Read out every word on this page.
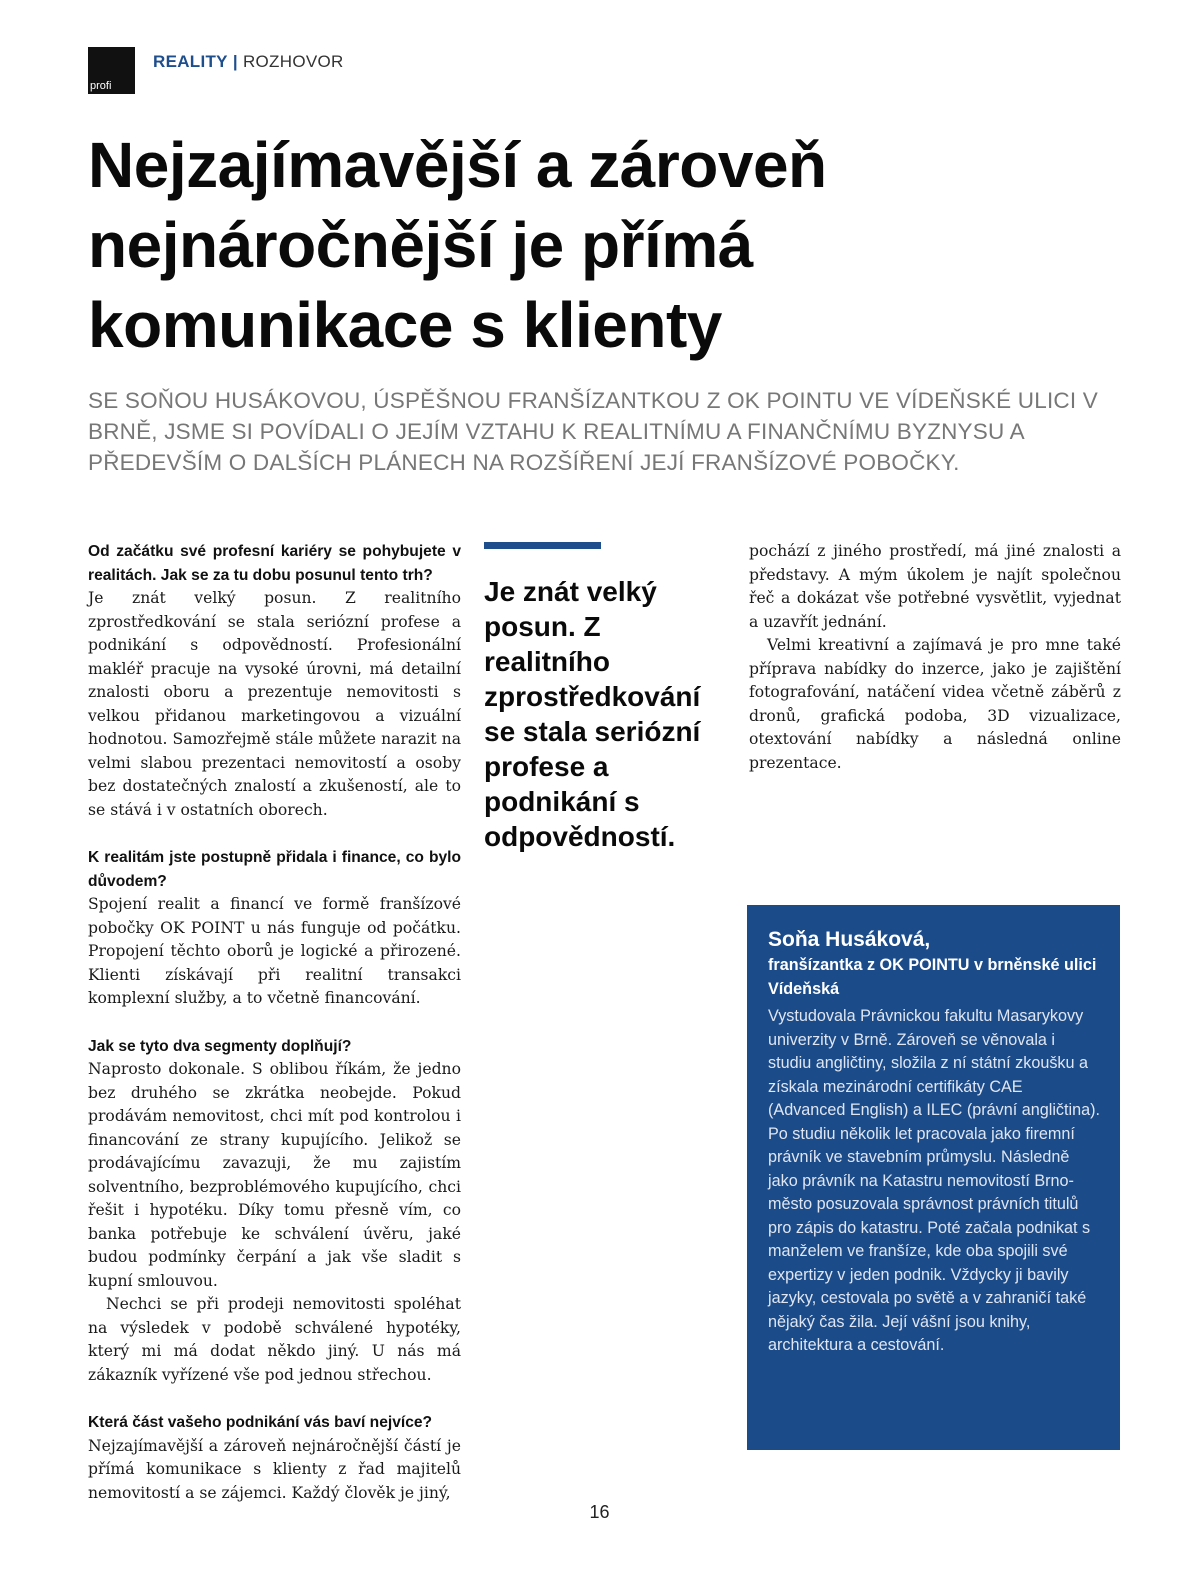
profi
REALITY | ROZHOVOR
Nejzajímavější a zároveň nejnáročnější je přímá komunikace s klienty

SE SOŇOU HUSÁKOVOU, ÚSPĚŠNOU FRANŠÍZANTKOU Z OK POINTU VE VÍDEŇSKÉ ULICI V BRNĚ, JSME SI POVÍDALI O JEJÍM VZTAHU K REALITNÍMU A FINANČNÍMU BYZNYSU A PŘEDEVŠÍM O DALŠÍCH PLÁNECH NA ROZŠÍŘENÍ JEJÍ FRANŠÍZOVÉ POBOČKY.

Od začátku své profesní kariéry se pohybujete v realitách. Jak se za tu dobu posunul tento trh?

Je znát velký posun. Z realitního zprostředkování se stala seriózní profese a podnikání s odpovědností. Profesionální makléř pracuje na vysoké úrovni, má detailní znalosti oboru a prezentuje nemovitosti s velkou přidanou marketingovou a vizuální hodnotou. Samozřejmě stále můžete narazit na velmi slabou prezentaci nemovitostí a osoby bez dostatečných znalostí a zkušeností, ale to se stává i v ostatních oborech.

K realitám jste postupně přidala i finance, co bylo důvodem?

Spojení realit a financí ve formě franšízové pobočky OK POINT u nás funguje od počátku. Propojení těchto oborů je logické a přirozené. Klienti získávají při realitní transakci komplexní služby, a to včetně financování.

Jak se tyto dva segmenty doplňují?

Naprosto dokonale. S oblibou říkám, že jedno bez druhého se zkrátka neobejde. Pokud prodávám nemovitost, chci mít pod kontrolou i financování ze strany kupujícího. Jelikož se prodávajícímu zavazuji, že mu zajistím solventního, bezproblémového kupujícího, chci řešit i hypotéku. Díky tomu přesně vím, co banka potřebuje ke schválení úvěru, jaké budou podmínky čerpání a jak vše sladit s kupní smlouvou.

Nechci se při prodeji nemovitosti spoléhat na výsledek v podobě schválené hypotéky, který mi má dodat někdo jiný. U nás má zákazník vyřízené vše pod jednou střechou.

Která část vašeho podnikání vás baví nejvíce?

Nejzajímavější a zároveň nejnáročnější částí je přímá komunikace s klienty z řad majitelů nemovitostí a se zájemci. Každý člověk je jiný,

Je znát velký posun. Z realitního zprostředkování se stala seriózní profese a podnikání s odpovědností.

pochází z jiného prostředí, má jiné znalosti a představy. A mým úkolem je najít společnou řeč a dokázat vše potřebné vysvětlit, vyjednat a uzavřít jednání.

Velmi kreativní a zajímavá je pro mne také příprava nabídky do inzerce, jako je zajištění fotografování, natáčení videa včetně záběrů z dronů, grafická podoba, 3D vizualizace, otextování nabídky a následná online prezentace.

Soňa Husáková,

franšízantka z OK POINTU v brněnské ulici Vídeňská

Vystudovala Právnickou fakultu Masarykovy univerzity v Brně. Zároveň se věnovala i studiu angličtiny, složila z ní státní zkoušku a získala mezinárodní certifikáty CAE (Advanced English) a ILEC (právní angličtina). Po studiu několik let pracovala jako firemní právník ve stavebním průmyslu. Následně jako právník na Katastru nemovitostí Brno-město posuzovala správnost právních titulů pro zápis do katastru. Poté začala podnikat s manželem ve franšíze, kde oba spojili své expertizy v jeden podnik. Vždycky ji bavily jazyky, cestovala po světě a v zahraničí také nějaký čas žila. Její vášní jsou knihy, architektura a cestování.

16
